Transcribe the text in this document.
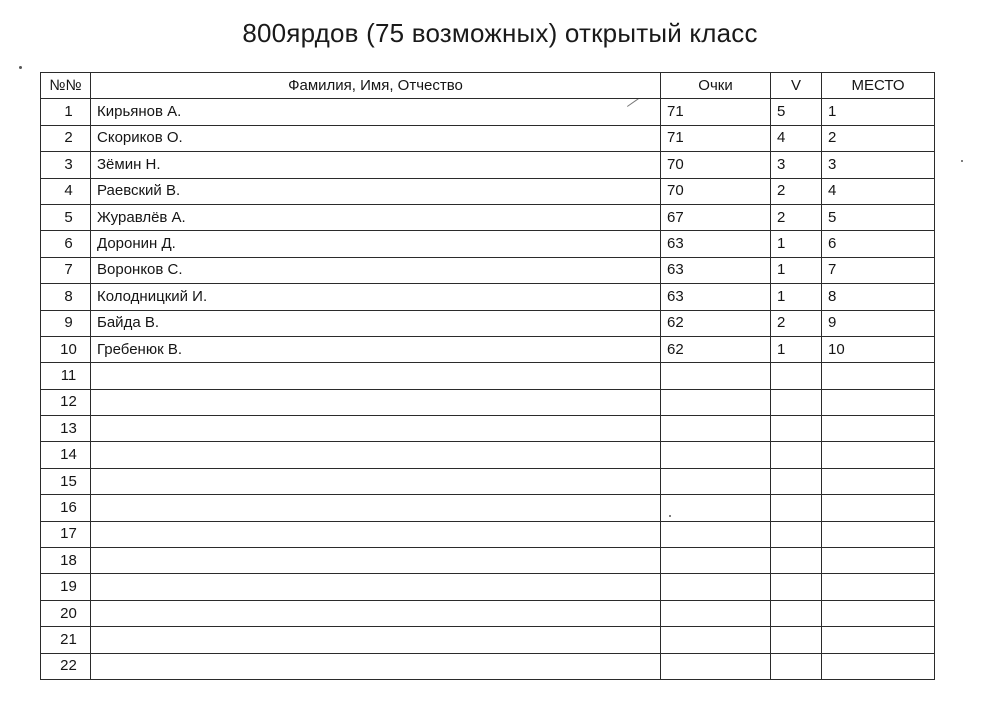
800ярдов (75 возможных) открытый класс
№№	Фамилия, Имя, Отчество	Очки	V	МЕСТО
1	Кирьянов А.	71	5	1
2	Скориков О.	71	4	2
3	Зёмин Н.	70	3	3
4	Раевский В.	70	2	4
5	Журавлёв А.	67	2	5
6	Доронин Д.	63	1	6
7	Воронков С.	63	1	7
8	Колодницкий И.	63	1	8
9	Байда В.	62	2	9
10	Гребенюк В.	62	1	10
11				
12				
13				
14				
15				
16				
17				
18				
19				
20				
21				
22				
